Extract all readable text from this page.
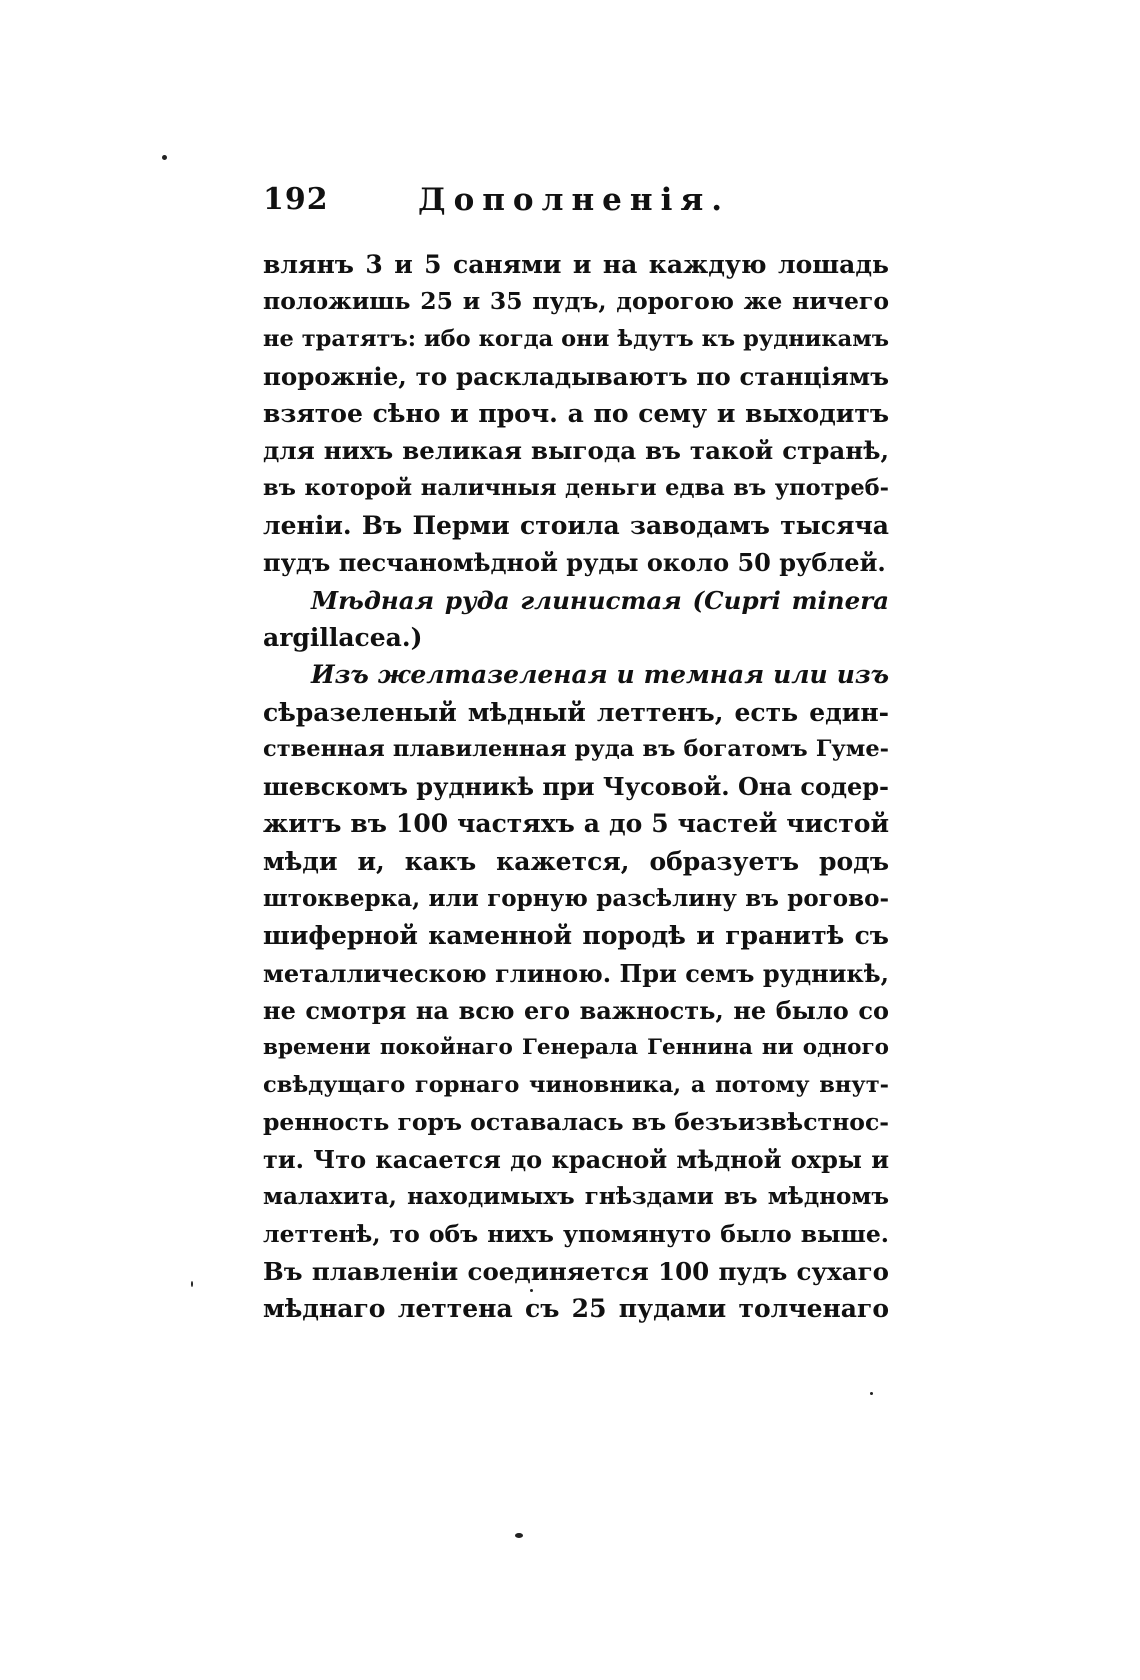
192	Дополненія.
влянъ 3 и 5 санями и на каждую лошадь
положишь 25 и 35 пудъ, дорогою же ничего
не тратятъ: ибо когда они ѣдутъ къ рудникамъ
порожніе, то раскладываютъ по станціямъ
взятое сѣно и проч. а по сему и выходитъ
для нихъ великая выгода въ такой странѣ,
въ которой наличныя деньги едва въ употреб-
леніи. Въ Перми стоила заводамъ тысяча
пудъ песчаномѣдной руды около 50 рублей.
Мѣдная руда глинистая (Cupri minera
argillacea.)
Изъ желтазеленая и темная или изъ
сѣразеленый мѣдный леттенъ, есть един-
ственная плавиленная руда въ богатомъ Гуме-
шевскомъ рудникѣ при Чусовой. Она содер-
житъ въ 100 частяхъ а до 5 частей чистой
мѣди и, какъ кажется, образуетъ родъ
штокверка, или горную разсѣлину въ рогово-
шиферной каменной породѣ и гранитѣ съ
металлическою глиною. При семъ рудникѣ,
не смотря на всю его важность, не было со
времени покойнаго Генерала Геннина ни одного
свѣдущаго горнаго чиновника, а потому внут-
ренность горъ оставалась въ безъизвѣстнос-
ти. Что касается до красной мѣдной охры и
малахита, находимыхъ гнѣздами въ мѣдномъ
леттенѣ, то объ нихъ упомянуто было выше.
Въ плавленіи соединяется 100 пудъ сухаго
мѣднаго леттена съ 25 пудами толченаго
